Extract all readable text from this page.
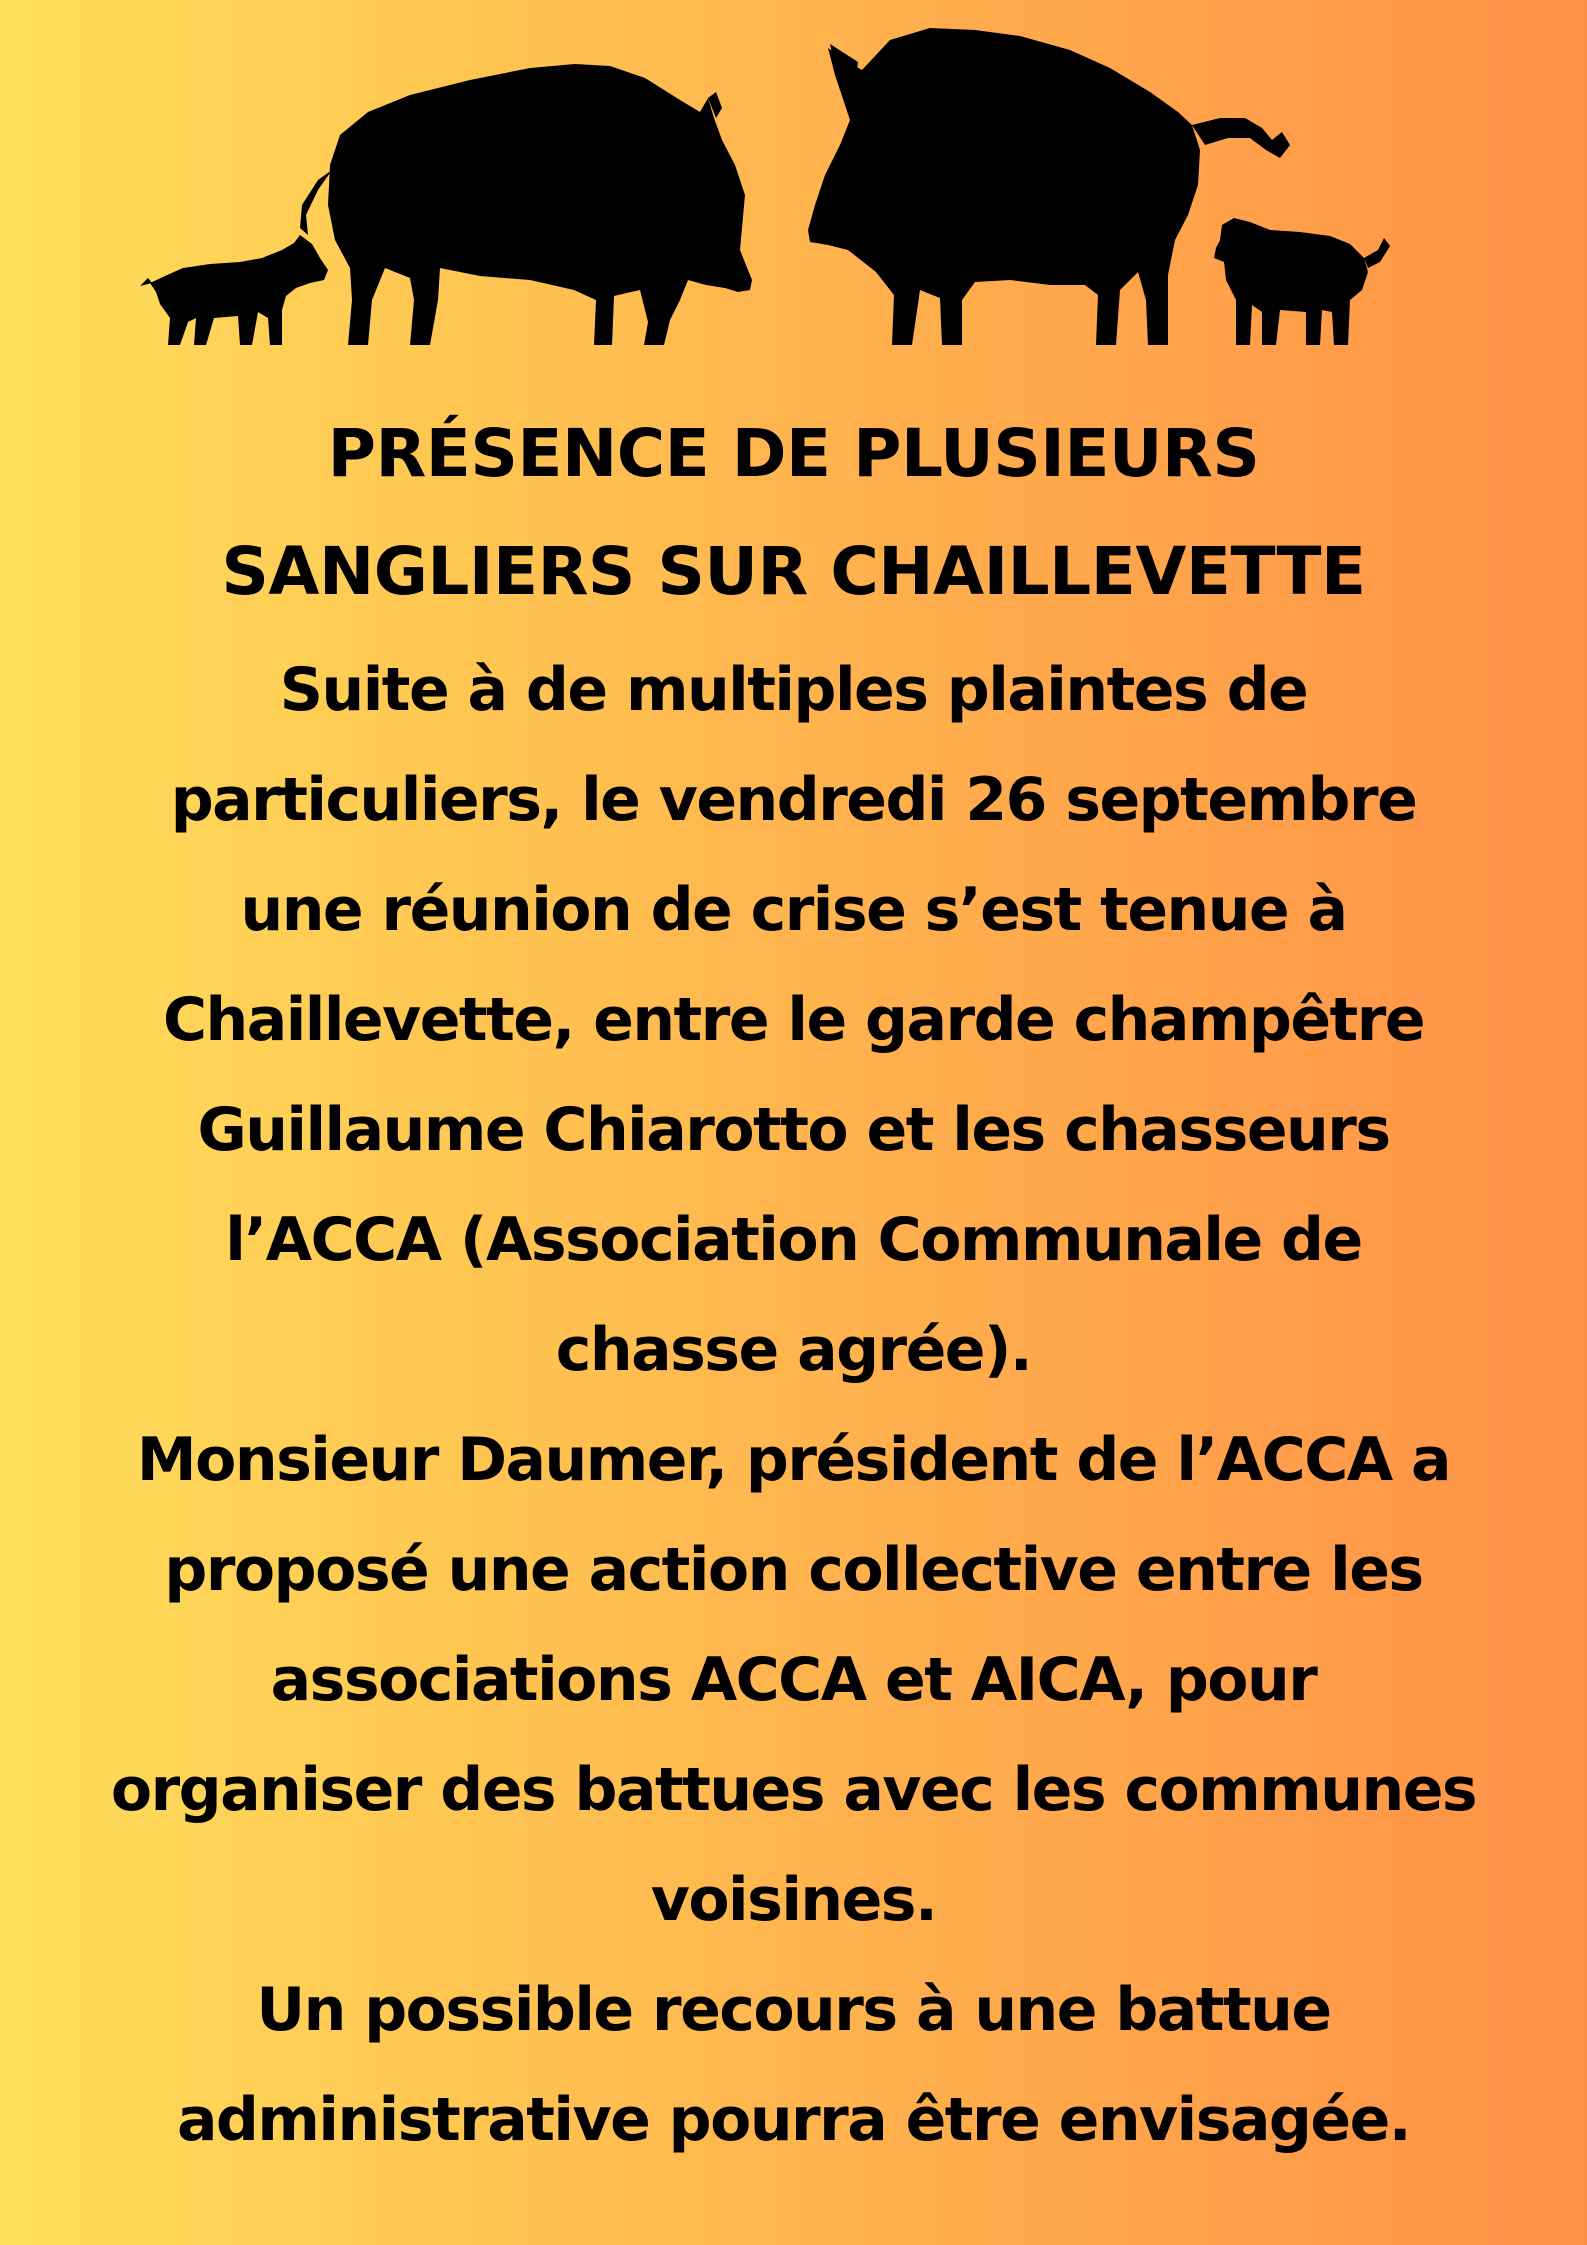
PRÉSENCE DE PLUSIEURS
SANGLIERS SUR CHAILLEVETTE
Suite à de multiples plaintes de
particuliers, le vendredi 26 septembre
une réunion de crise s’est tenue à
Chaillevette, entre le garde champêtre
Guillaume Chiarotto et les chasseurs
l’ACCA (Association Communale de
chasse agrée).
Monsieur Daumer, président de l’ACCA a
proposé une action collective entre les
associations ACCA et AICA, pour
organiser des battues avec les communes
voisines.
Un possible recours à une battue
administrative pourra être envisagée.
